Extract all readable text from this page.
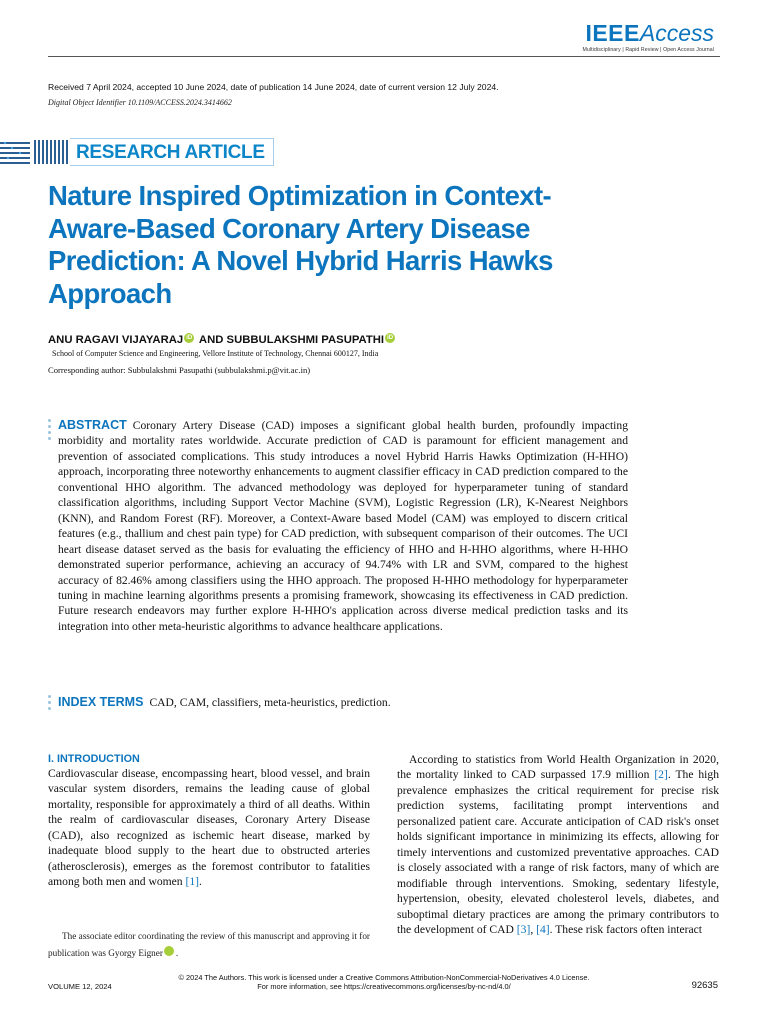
IEEEAccess
Multidisciplinary | Rapid Review | Open Access Journal
Received 7 April 2024, accepted 10 June 2024, date of publication 14 June 2024, date of current version 12 July 2024.
Digital Object Identifier 10.1109/ACCESS.2024.3414662
RESEARCH ARTICLE
Nature Inspired Optimization in Context-Aware-Based Coronary Artery Disease Prediction: A Novel Hybrid Harris Hawks Approach
ANU RAGAVI VIJAYARAJ iD AND SUBBULAKSHMI PASUPATHI iD
School of Computer Science and Engineering, Vellore Institute of Technology, Chennai 600127, India
Corresponding author: Subbulakshmi Pasupathi (subbulakshmi.p@vit.ac.in)
ABSTRACT Coronary Artery Disease (CAD) imposes a significant global health burden, profoundly impacting morbidity and mortality rates worldwide. Accurate prediction of CAD is paramount for efficient management and prevention of associated complications. This study introduces a novel Hybrid Harris Hawks Optimization (H-HHO) approach, incorporating three noteworthy enhancements to augment classifier efficacy in CAD prediction compared to the conventional HHO algorithm. The advanced methodology was deployed for hyperparameter tuning of standard classification algorithms, including Support Vector Machine (SVM), Logistic Regression (LR), K-Nearest Neighbors (KNN), and Random Forest (RF). Moreover, a Context-Aware based Model (CAM) was employed to discern critical features (e.g., thallium and chest pain type) for CAD prediction, with subsequent comparison of their outcomes. The UCI heart disease dataset served as the basis for evaluating the efficiency of HHO and H-HHO algorithms, where H-HHO demonstrated superior performance, achieving an accuracy of 94.74% with LR and SVM, compared to the highest accuracy of 82.46% among classifiers using the HHO approach. The proposed H-HHO methodology for hyperparameter tuning in machine learning algorithms presents a promising framework, showcasing its effectiveness in CAD prediction. Future research endeavors may further explore H-HHO's application across diverse medical prediction tasks and its integration into other meta-heuristic algorithms to advance healthcare applications.
INDEX TERMS CAD, CAM, classifiers, meta-heuristics, prediction.
I. INTRODUCTION
Cardiovascular disease, encompassing heart, blood vessel, and brain vascular system disorders, remains the leading cause of global mortality, responsible for approximately a third of all deaths. Within the realm of cardiovascular diseases, Coronary Artery Disease (CAD), also recognized as ischemic heart disease, marked by inadequate blood supply to the heart due to obstructed arteries (atherosclerosis), emerges as the foremost contributor to fatalities among both men and women [1].
The associate editor coordinating the review of this manuscript and approving it for publication was Gyorgy Eigner	iD.
According to statistics from World Health Organization in 2020, the mortality linked to CAD surpassed 17.9 million [2]. The high prevalence emphasizes the critical requirement for precise risk prediction systems, facilitating prompt interventions and personalized patient care. Accurate anticipation of CAD risk's onset holds significant importance in minimizing its effects, allowing for timely interventions and customized preventative approaches. CAD is closely associated with a range of risk factors, many of which are modifiable through interventions. Smoking, sedentary lifestyle, hypertension, obesity, elevated cholesterol levels, diabetes, and suboptimal dietary practices are among the primary contributors to the development of CAD [3], [4]. These risk factors often interact
© 2024 The Authors. This work is licensed under a Creative Commons Attribution-NonCommercial-NoDerivatives 4.0 License.
For more information, see https://creativecommons.org/licenses/by-nc-nd/4.0/
VOLUME 12, 2024	92635
